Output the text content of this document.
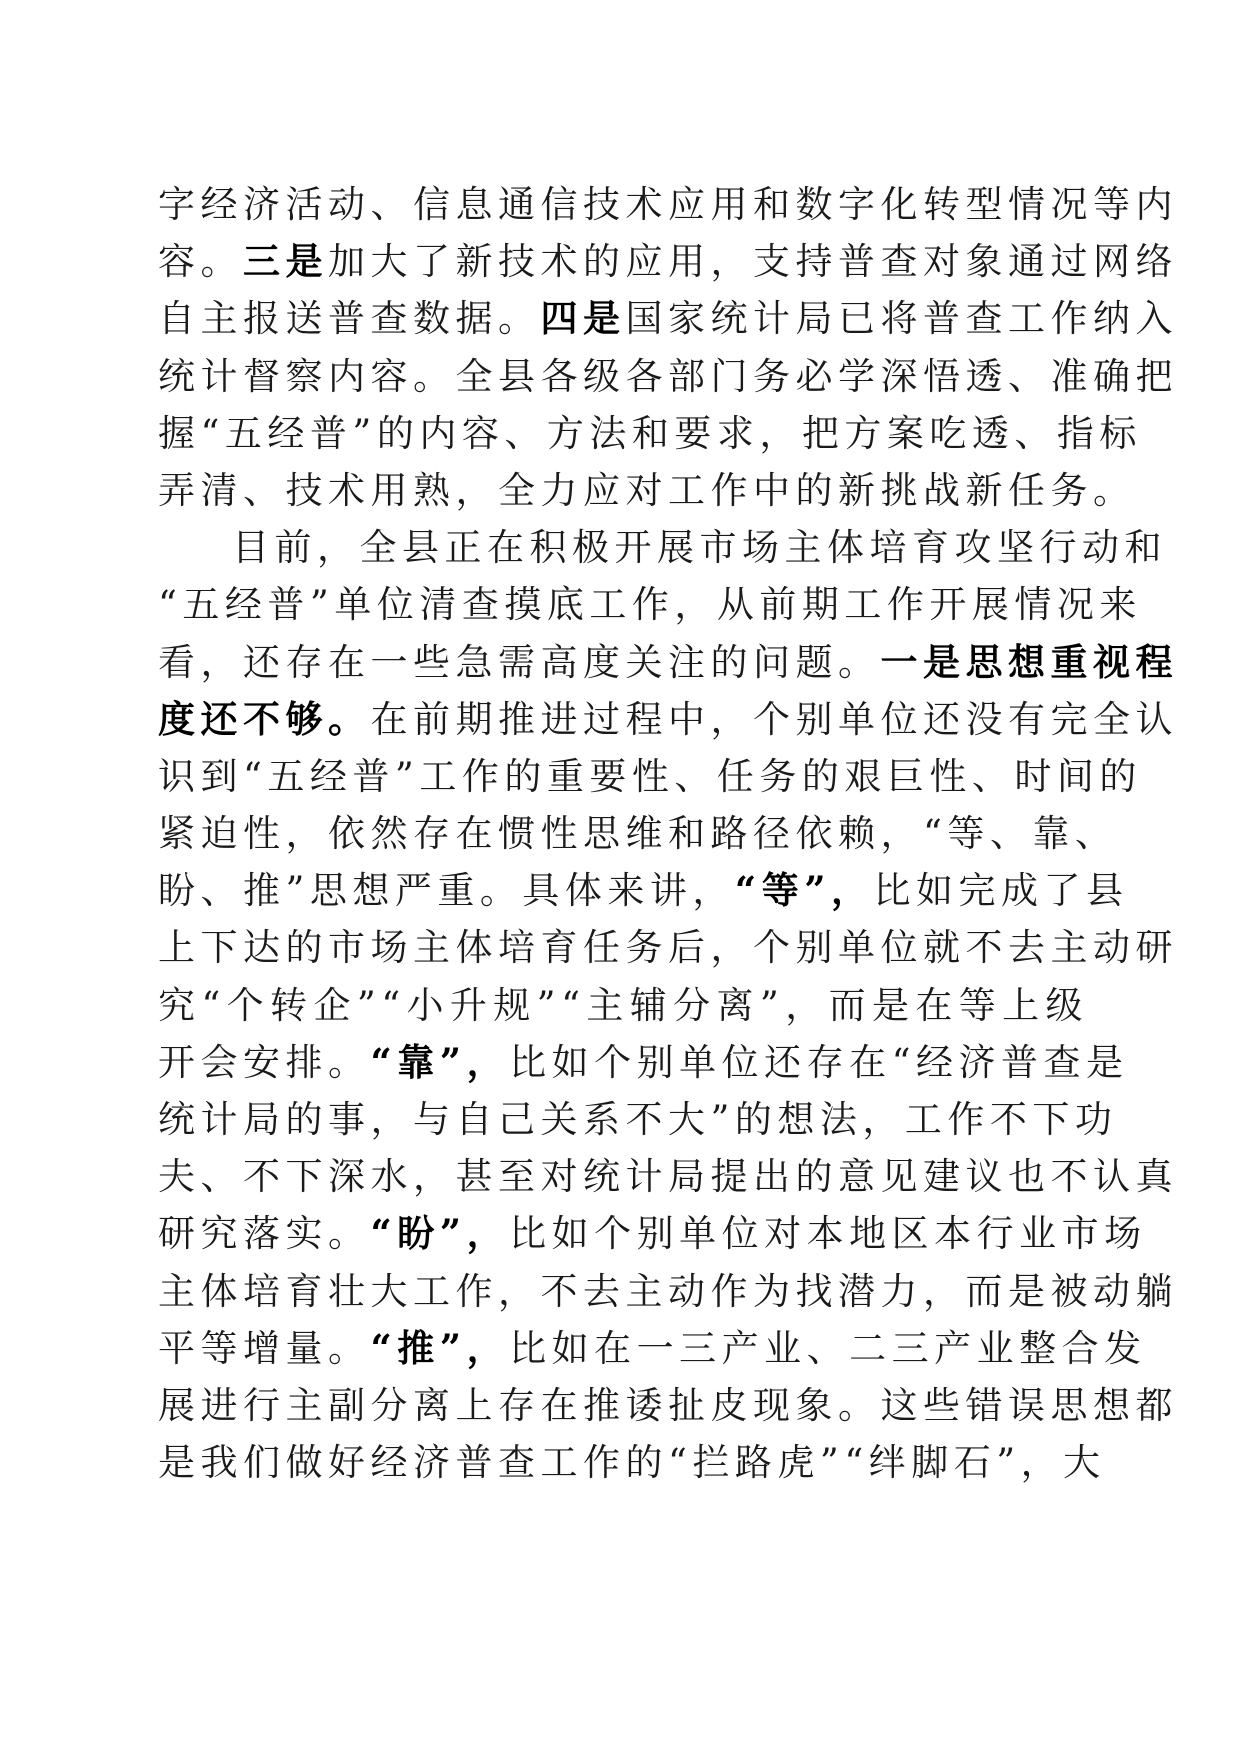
字经济活动、信息通信技术应用和数字化转型情况等内
容。三是加大了新技术的应用，支持普查对象通过网络
自主报送普查数据。四是国家统计局已将普查工作纳入
统计督察内容。全县各级各部门务必学深悟透、准确把
握“五经普”的内容、方法和要求，把方案吃透、指标
弄清、技术用熟，全力应对工作中的新挑战新任务。
目前，全县正在积极开展市场主体培育攻坚行动和
“五经普”单位清查摸底工作，从前期工作开展情况来
看，还存在一些急需高度关注的问题。一是思想重视程
度还不够。在前期推进过程中，个别单位还没有完全认
识到“五经普”工作的重要性、任务的艰巨性、时间的
紧迫性，依然存在惯性思维和路径依赖，“等、靠、
盼、推”思想严重。具体来讲，“等”，比如完成了县
上下达的市场主体培育任务后，个别单位就不去主动研
究“个转企”“小升规”“主辅分离”，而是在等上级
开会安排。“靠”，比如个别单位还存在“经济普查是
统计局的事，与自己关系不大”的想法，工作不下功
夫、不下深水，甚至对统计局提出的意见建议也不认真
研究落实。“盼”，比如个别单位对本地区本行业市场
主体培育壮大工作，不去主动作为找潜力，而是被动躺
平等增量。“推”，比如在一三产业、二三产业整合发
展进行主副分离上存在推诿扯皮现象。这些错误思想都
是我们做好经济普查工作的“拦路虎”“绊脚石”，大
